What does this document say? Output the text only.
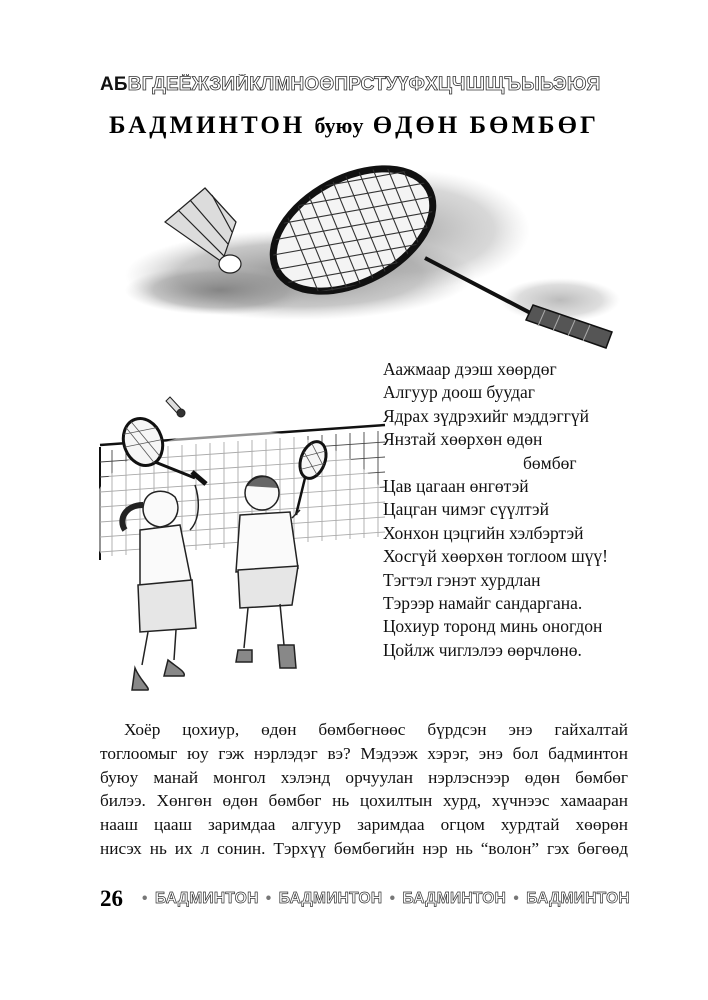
АБВГДЕЁЖЗИЙКЛМНОӨПРСТУҮФХЦЧШЩЪЫЬЭЮЯ
БАДМИНТОН буюу ӨДӨН БӨМБӨГ
Аажмаар дээш хөөрдөг
Алгуур доош буудаг
Ядрах зүдрэхийг мэддэггүй
Янзтай хөөрхөн өдөн
бөмбөг
Цав цагаан өнгөтэй
Цацган чимэг сүүлтэй
Хонхон цэцгийн хэлбэртэй
Хосгүй хөөрхөн тоглоом шүү!
Тэгтэл гэнэт хурдлан
Тэрээр намайг сандаргана.
Цохиур торонд минь оногдон
Цойлж чиглэлээ өөрчлөнө.
Хоёр цохиур, өдөн бөмбөгнөөс бүрдсэн энэ гайхалтай
тоглоомыг юу гэж нэрлэдэг вэ? Мэдээж хэрэг, энэ бол бадминтон
буюу манай монгол хэлэнд орчуулан нэрлэснээр өдөн бөмбөг
билээ. Хөнгөн өдөн бөмбөг нь цохилтын хурд, хүчнээс хамааран
нааш цааш заримдаа алгуур заримдаа огцом хурдтай хөөрөн
нисэх нь их л сонин. Тэрхүү бөмбөгийн нэр нь “волон” гэх бөгөөд
26 • БАДМИНТОН • БАДМИНТОН • БАДМИНТОН • БАДМИНТОН
